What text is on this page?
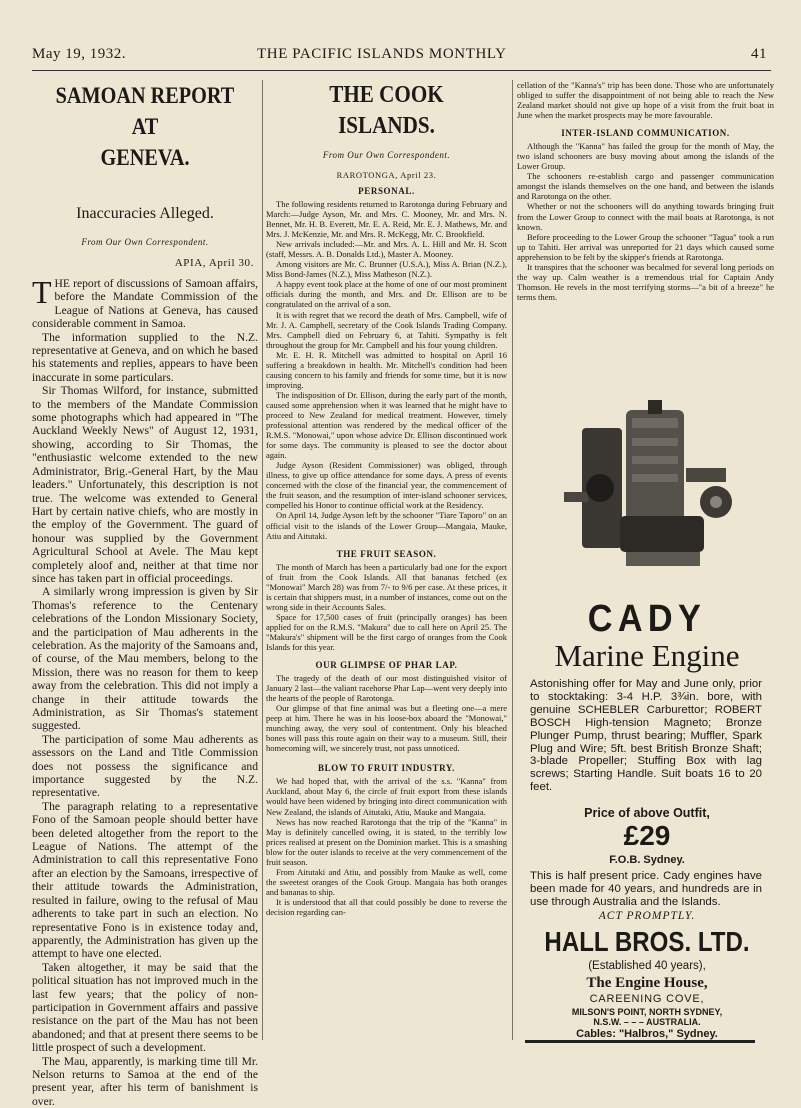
May 19, 1932.	THE PACIFIC ISLANDS MONTHLY	41
SAMOAN REPORT AT
GENEVA.
Inaccuracies Alleged.
From Our Own Correspondent.
APIA, April 30.

THE report of discussions of Samoan affairs, before the Mandate Commission of the League of Nations at Geneva, has caused considerable comment in Samoa.

The information supplied to the N.Z. representative at Geneva, and on which he based his statements and replies, appears to have been inaccurate in some particulars.

Sir Thomas Wilford, for instance, submitted to the members of the Mandate Commission some photographs which had appeared in "The Auckland Weekly News" of August 12, 1931, showing, according to Sir Thomas, the "enthusiastic welcome extended to the new Administrator, Brig.-General Hart, by the Mau leaders." Unfortunately, this description is not true. The welcome was extended to General Hart by certain native chiefs, who are mostly in the employ of the Government. The guard of honour was supplied by the Government Agricultural School at Avele. The Mau kept completely aloof and, neither at that time nor since has taken part in official proceedings.

A similarly wrong impression is given by Sir Thomas's reference to the Centenary celebrations of the London Missionary Society, and the participation of Mau adherents in the celebration. As the majority of the Samoans and, of course, of the Mau members, belong to the Mission, there was no reason for them to keep away from the celebration. This did not imply a change in their attitude towards the Administration, as Sir Thomas's statement suggested.

The participation of some Mau adherents as assessors on the Land and Title Commission does not possess the significance and importance suggested by the N.Z. representative.

The paragraph relating to a representative Fono of the Samoan people should better have been deleted altogether from the report to the League of Nations. The attempt of the Administration to call this representative Fono after an election by the Samoans, irrespective of their attitude towards the Administration, resulted in failure, owing to the refusal of Mau adherents to take part in such an election. No representative Fono is in existence today and, apparently, the Administration has given up the attempt to have one elected.

Taken altogether, it may be said that the political situation has not improved much in the last few years; that the policy of non-participation in Government affairs and passive resistance on the part of the Mau has not been abandoned; and that at present there seems to be little prospect of such a development.

The Mau, apparently, is marking time till Mr. Nelson returns to Samoa at the end of the present year, after his term of banishment is over.

THE COOK ISLANDS.
From Our Own Correspondent.
RAROTONGA, April 23.
PERSONAL.

The following residents returned to Rarotonga during February and March:—Judge Ayson, Mr. and Mrs. C. Mooney, Mr. and Mrs. N. Bennet, Mr. H. B. Everett, Mr. E. A. Reid, Mr. E. J. Mathews, Mr. and Mrs. J. McKenzie, Mr. and Mrs. R. McKegg, Mr. C. Brookfield.

New arrivals included:—Mr. and Mrs. A. L. Hill and Mr. H. Scott (staff, Messrs. A. B. Donalds Ltd.), Master A. Mooney.

Among visitors are Mr. C. Brunner (U.S.A.), Miss A. Brian (N.Z.), Miss Bond-James (N.Z.), Miss Matheson (N.Z.).

A happy event took place at the home of one of our most prominent officials during the month, and Mrs. and Dr. Ellison are to be congratulated on the arrival of a son.

It is with regret that we record the death of Mrs. Campbell, wife of Mr. J. A. Campbell, secretary of the Cook Islands Trading Company. Mrs. Campbell died on February 6, at Tahiti. Sympathy is felt throughout the group for Mr. Campbell and his four young children.

Mr. E. H. R. Mitchell was admitted to hospital on April 16 suffering a breakdown in health. Mr. Mitchell's condition had been causing concern to his family and friends for some time, but it is now improving.

The indisposition of Dr. Ellison, during the early part of the month, caused some apprehension when it was learned that he might have to proceed to New Zealand for medical treatment. However, timely professional attention was rendered by the medical officer of the R.M.S. "Monowai," upon whose advice Dr. Ellison discontinued work for some days. The community is pleased to see the doctor about again.

Judge Ayson (Resident Commissioner) was obliged, through illness, to give up office attendance for some days. A press of events concerned with the close of the financial year, the commencement of the fruit season, and the resumption of inter-island schooner services, compelled his Honor to continue official work at the Residency.

On April 14, Judge Ayson left by the schooner "Tiare Taporo" on an official visit to the islands of the Lower Group—Mangaia, Mauke, Atiu and Aitutaki.

THE FRUIT SEASON.

The month of March has been a particularly bad one for the export of fruit from the Cook Islands. All that bananas fetched (ex "Monowai" March 28) was from 7/- to 9/6 per case. At these prices, it is certain that shippers must, in a number of instances, come out on the wrong side in their Accounts Sales.

Space for 17,500 cases of fruit (principally oranges) has been applied for on the R.M.S. "Makura" due to call here on April 25. The "Makura's" shipment will be the first cargo of oranges from the Cook Islands for this year.

OUR GLIMPSE OF PHAR LAP.

The tragedy of the death of our most distinguished visitor of January 2 last—the valiant racehorse Phar Lap—went very deeply into the hearts of the people of Rarotonga.

Our glimpse of that fine animal was but a fleeting one—a mere peep at him. There he was in his loose-box aboard the "Monowai," munching away, the very soul of contentment. Only his bleached bones will pass this route again on their way to a museum. Still, their homecoming will, we sincerely trust, not pass unnoticed.

BLOW TO FRUIT INDUSTRY.

We had hoped that, with the arrival of the s.s. "Kanna" from Auckland, about May 6, the circle of fruit export from these islands would have been widened by bringing into direct communication with New Zealand, the islands of Aitutaki, Atiu, Mauke and Mangaia.

News has now reached Rarotonga that the trip of the "Kanna" in May is definitely cancelled owing, it is stated, to the terribly low prices realised at present on the Dominion market. This is a smashing blow for the outer islands to receive at the very commencement of the fruit season.

From Aitutaki and Atiu, and possibly from Mauke as well, come the sweetest oranges of the Cook Group. Mangaia has both oranges and bananas to ship.

It is understood that all that could possibly be done to reverse the decision regarding can-

cellation of the "Kanna's" trip has been done. Those who are unfortunately obliged to suffer the disappointment of not being able to reach the New Zealand market should not give up hope of a visit from the fruit boat in June when the market prospects may be more favourable.

INTER-ISLAND COMMUNICATION.

Although the "Kanna" has failed the group for the month of May, the two island schooners are busy moving about among the islands of the Lower Group.

The schooners re-establish cargo and passenger communication amongst the islands themselves on the one hand, and between the islands and Rarotonga on the other.

Whether or not the schooners will do anything towards bringing fruit from the Lower Group to connect with the mail boats at Rarotonga, is not known.

Before proceeding to the Lower Group the schooner "Tagua" took a run up to Tahiti. Her arrival was unreported for 21 days which caused some apprehension to be felt by the skipper's friends at Rarotonga.

It transpires that the schooner was becalmed for several long periods on the way up. Calm weather is a tremendous trial for Captain Andy Thomson. He revels in the most terrifying storms—"a bit of a breeze" he terms them.

CADY
Marine Engine
Astonishing offer for May and June only, prior to stocktaking: 3-4 H.P. 3¾in. bore, with genuine SCHEBLER Carburettor; ROBERT BOSCH High-tension Magneto; Bronze Plunger Pump, thrust bearing; Muffler, Spark Plug and Wire; 5ft. best British Bronze Shaft; 3-blade Propeller; Stuffing Box with lag screws; Starting Handle. Suit boats 16 to 20 feet.
Price of above Outfit,
£29
F.O.B. Sydney.
This is half present price. Cady engines have been made for 40 years, and hundreds are in use through Australia and the Islands.
ACT PROMPTLY.
HALL BROS. LTD.
(Established 40 years),
The Engine House,
CAREENING COVE,
MILSON'S POINT, NORTH SYDNEY,
N.S.W. – – – AUSTRALIA.
Cables: "Halbros," Sydney.
